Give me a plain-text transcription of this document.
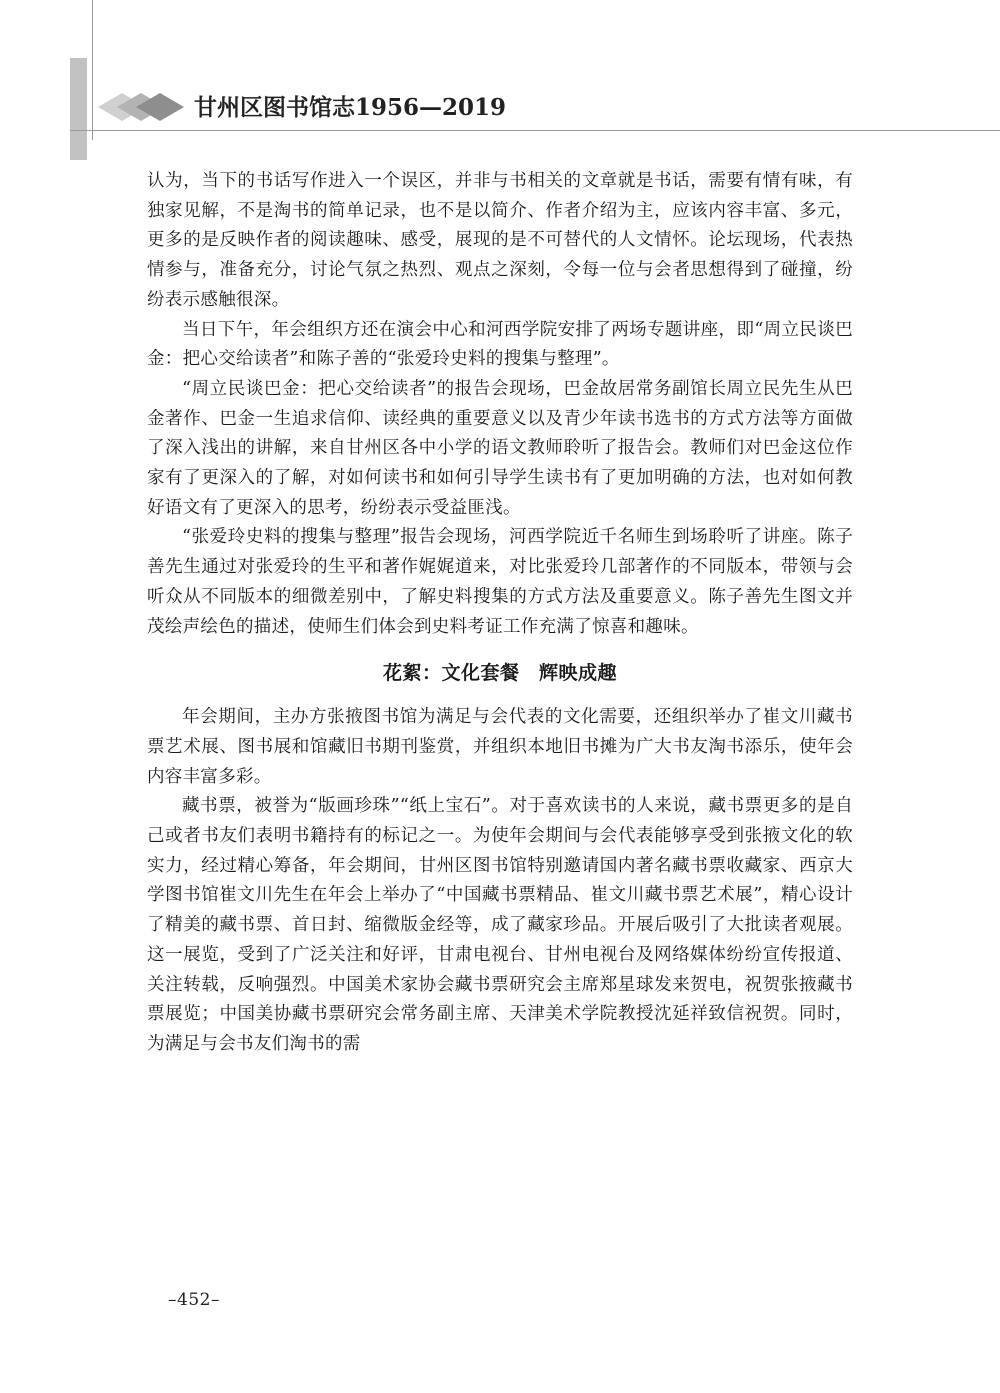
甘州区图书馆志1956—2019

认为，当下的书话写作进入一个误区，并非与书相关的文章就是书话，需要有情有味，有独家见解，不是淘书的简单记录，也不是以简介、作者介绍为主，应该内容丰富、多元，更多的是反映作者的阅读趣味、感受，展现的是不可替代的人文情怀。论坛现场，代表热情参与，准备充分，讨论气氛之热烈、观点之深刻，令每一位与会者思想得到了碰撞，纷纷表示感触很深。

当日下午，年会组织方还在演会中心和河西学院安排了两场专题讲座，即“周立民谈巴金：把心交给读者”和陈子善的“张爱玲史料的搜集与整理”。

“周立民谈巴金：把心交给读者”的报告会现场，巴金故居常务副馆长周立民先生从巴金著作、巴金一生追求信仰、读经典的重要意义以及青少年读书选书的方式方法等方面做了深入浅出的讲解，来自甘州区各中小学的语文教师聆听了报告会。教师们对巴金这位作家有了更深入的了解，对如何读书和如何引导学生读书有了更加明确的方法，也对如何教好语文有了更深入的思考，纷纷表示受益匪浅。

“张爱玲史料的搜集与整理”报告会现场，河西学院近千名师生到场聆听了讲座。陈子善先生通过对张爱玲的生平和著作娓娓道来，对比张爱玲几部著作的不同版本，带领与会听众从不同版本的细微差别中，了解史料搜集的方式方法及重要意义。陈子善先生图文并茂绘声绘色的描述，使师生们体会到史料考证工作充满了惊喜和趣味。

花絮：文化套餐　辉映成趣

年会期间，主办方张掖图书馆为满足与会代表的文化需要，还组织举办了崔文川藏书票艺术展、图书展和馆藏旧书期刊鉴赏，并组织本地旧书摊为广大书友淘书添乐，使年会内容丰富多彩。

藏书票，被誉为“版画珍珠”“纸上宝石”。对于喜欢读书的人来说，藏书票更多的是自己或者书友们表明书籍持有的标记之一。为使年会期间与会代表能够享受到张掖文化的软实力，经过精心筹备，年会期间，甘州区图书馆特别邀请国内著名藏书票收藏家、西京大学图书馆崔文川先生在年会上举办了“中国藏书票精品、崔文川藏书票艺术展”，精心设计了精美的藏书票、首日封、缩微版金经等，成了藏家珍品。开展后吸引了大批读者观展。这一展览，受到了广泛关注和好评，甘肃电视台、甘州电视台及网络媒体纷纷宣传报道、关注转载，反响强烈。中国美术家协会藏书票研究会主席郑星球发来贺电，祝贺张掖藏书票展览；中国美协藏书票研究会常务副主席、天津美术学院教授沈延祥致信祝贺。同时，为满足与会书友们淘书的需

–452–
